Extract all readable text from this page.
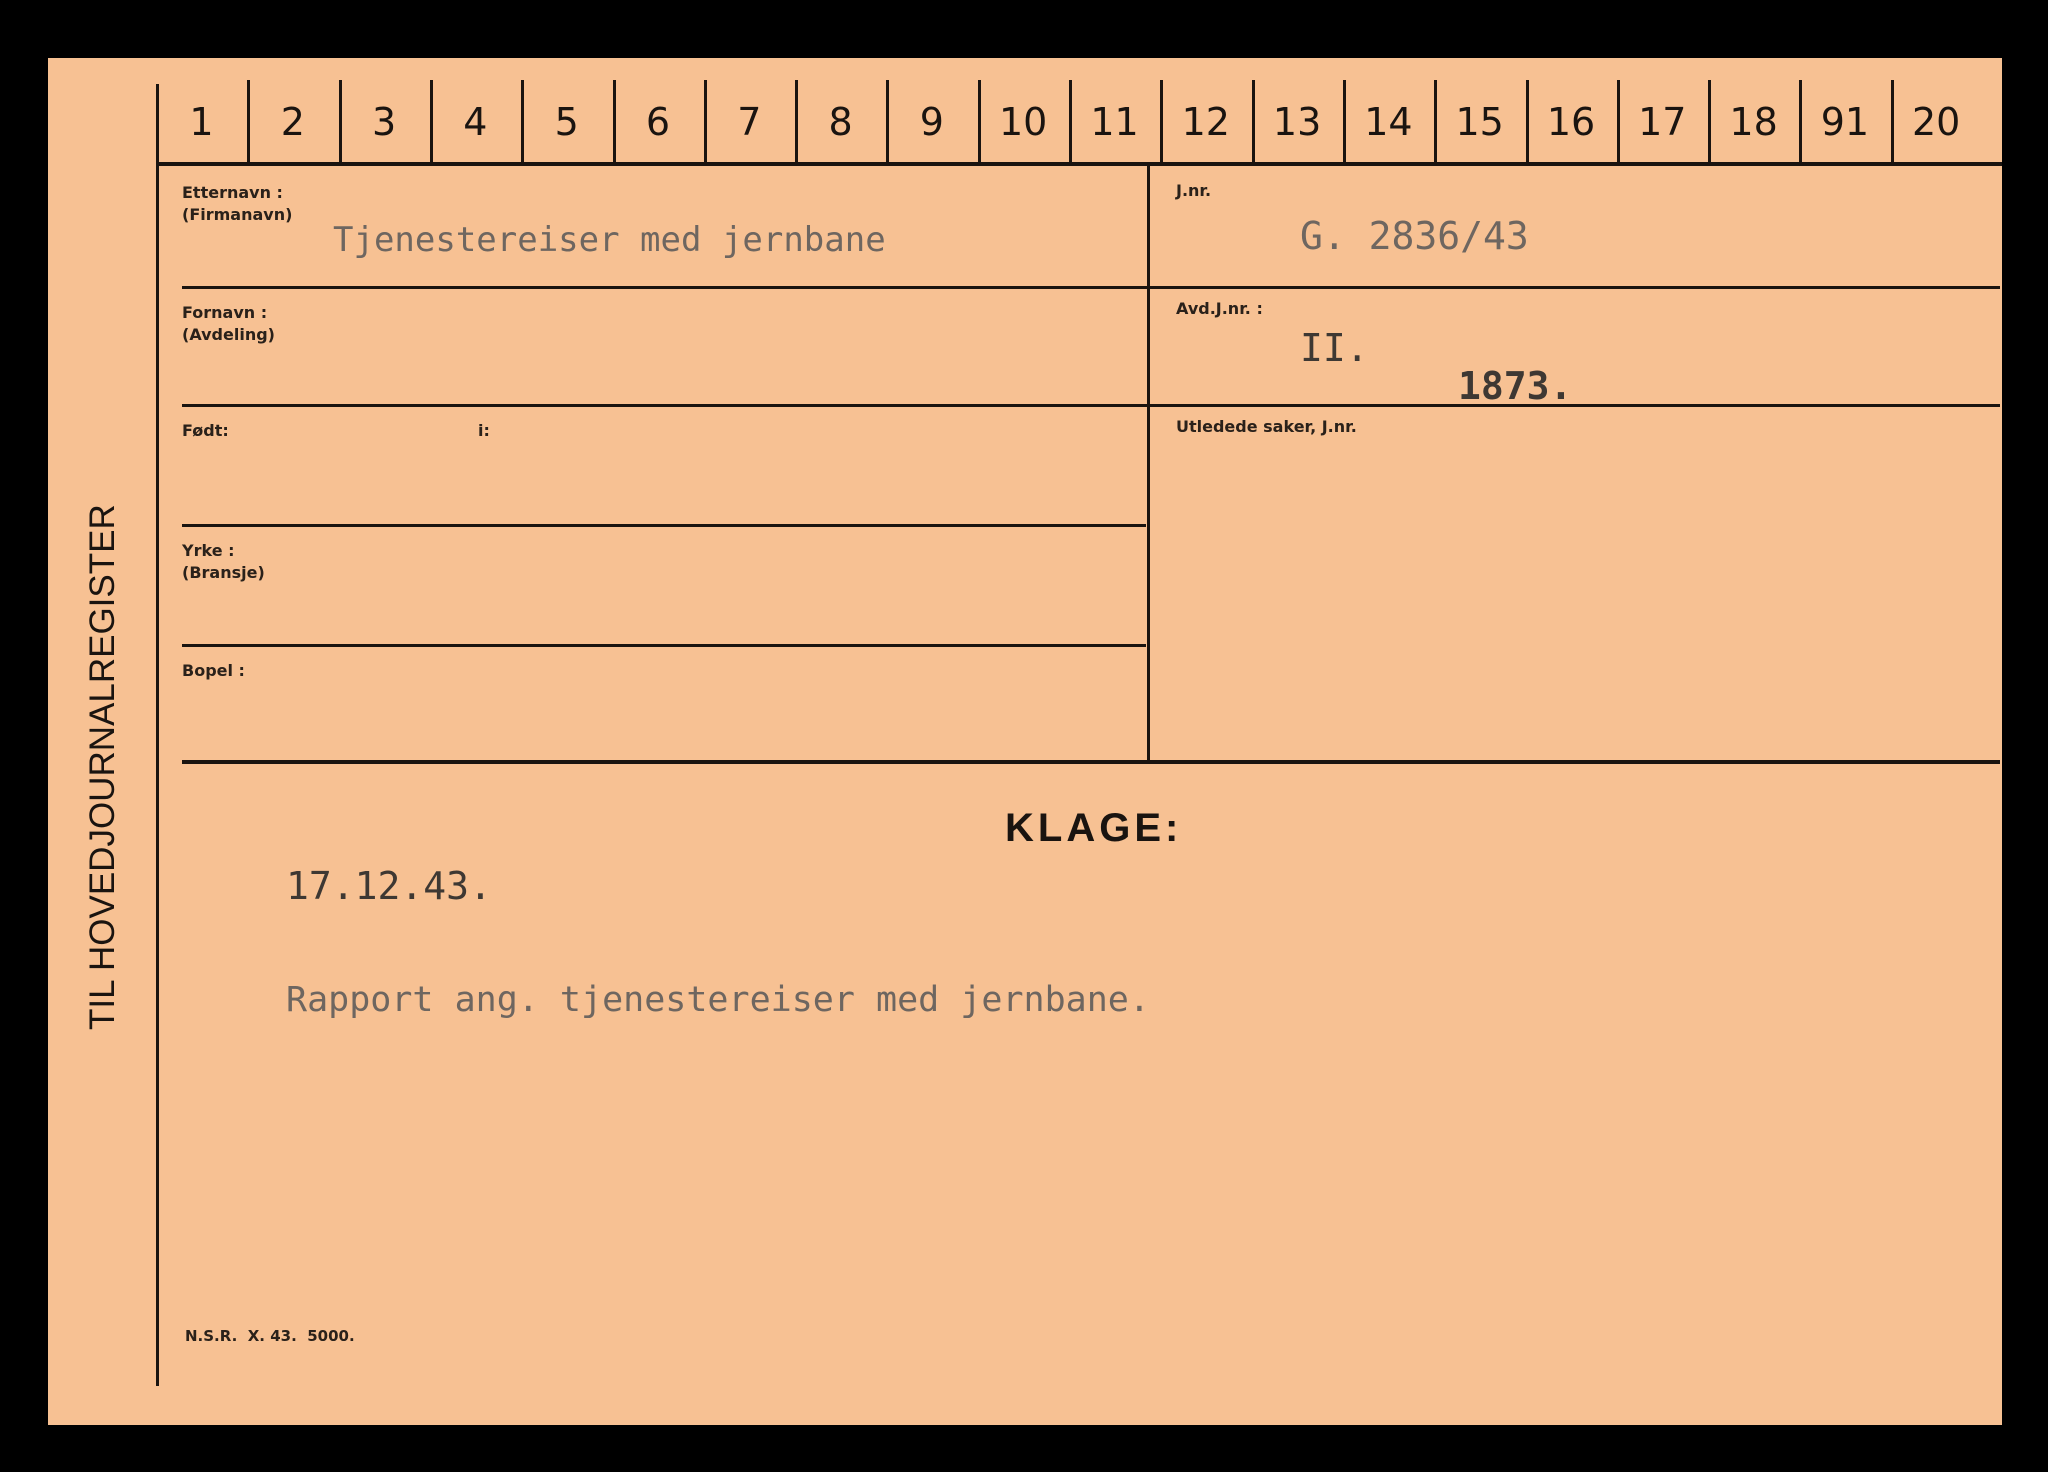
1	2	3	4	5	6	7	8	9	10	11	12	13	14	15	16	17	18	91	20
Etternavn :
(Firmanavn)
Tjenestereiser med jernbane
J.nr.
G. 2836/43
Fornavn :
(Avdeling)
Avd.J.nr. :
II.
1873.
Født:	i:	Utledede saker, J.nr.
Yrke :
(Bransje)
Bopel :
KLAGE:
17.12.43.
Rapport ang. tjenestereiser med jernbane.
N.S.R.  X. 43.  5000.
TIL HOVEDJOURNALREGISTER
